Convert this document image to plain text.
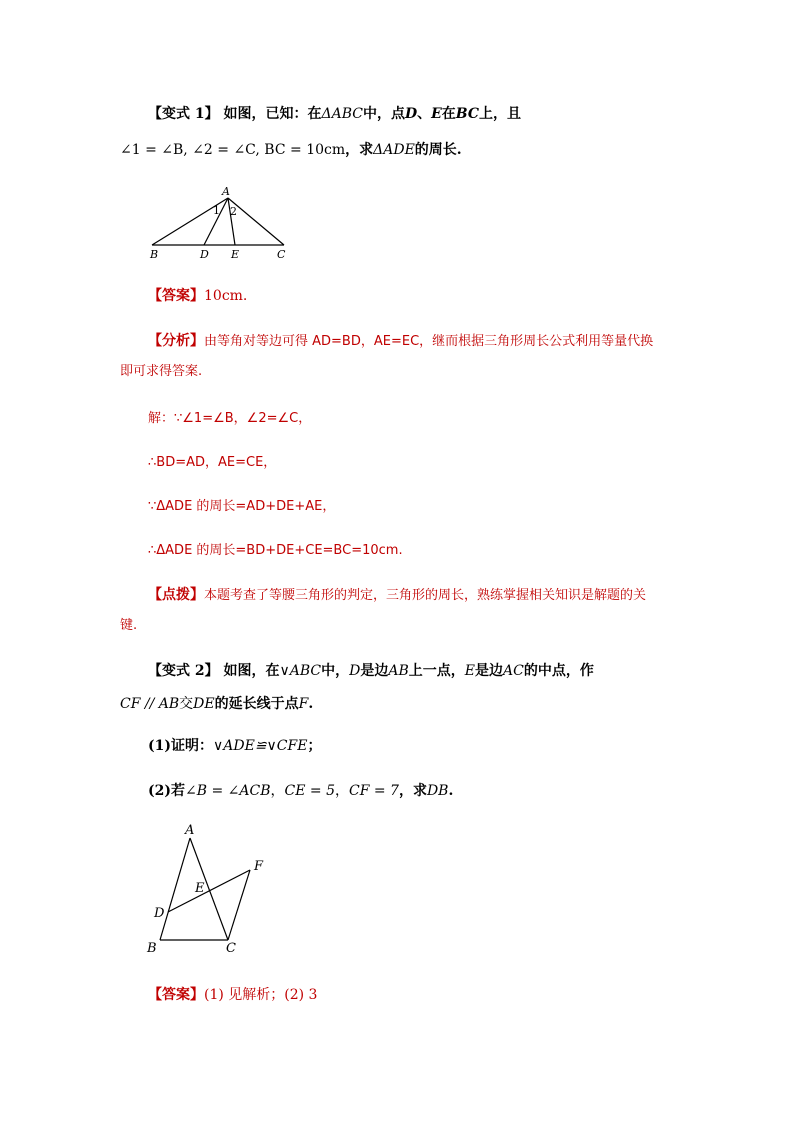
【变式 1】 如图，已知：在ΔABC中，点D、E在BC上，且
∠1 = ∠B, ∠2 = ∠C, BC = 10cm，求ΔADE的周长.
A
1 2
B	D E	C
【答案】10cm.
【分析】由等角对等边可得 AD=BD，AE=EC，继而根据三角形周长公式利用等量代换
即可求得答案.
解：∵∠1=∠B，∠2=∠C，
∴BD=AD，AE=CE，
∵ΔADE 的周长=AD+DE+AE，
∴ΔADE 的周长=BD+DE+CE=BC=10cm.
【点拨】本题考查了等腰三角形的判定，三角形的周长，熟练掌握相关知识是解题的关
键.
【变式 2】 如图，在∨ABC中，D是边AB上一点，E是边AC的中点，作
CF // AB交DE的延长线于点F.
(1)证明：∨ADE≌∨CFE；
(2)若∠B = ∠ACB，CE = 5，CF = 7，求DB.
A
F
E
D
B	C
【答案】(1) 见解析；(2) 3
